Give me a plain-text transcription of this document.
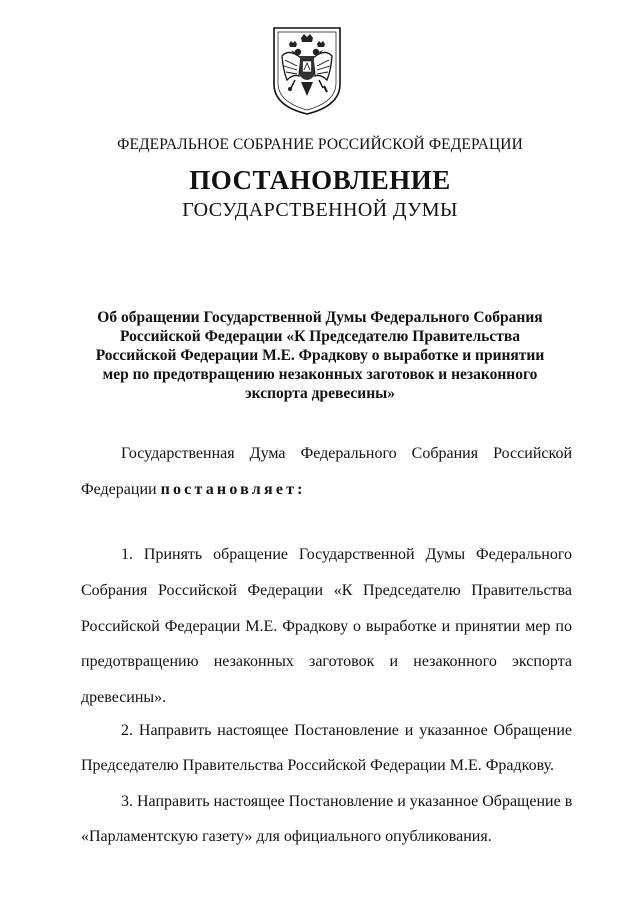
ФЕДЕРАЛЬНОЕ СОБРАНИЕ РОССИЙСКОЙ ФЕДЕРАЦИИ
ПОСТАНОВЛЕНИЕ
ГОСУДАРСТВЕННОЙ ДУМЫ
Об обращении Государственной Думы Федерального Собрания
Российской Федерации «К Председателю Правительства
Российской Федерации М.Е. Фрадкову о выработке и принятии
мер по предотвращению незаконных заготовок и незаконного
экспорта древесины»
Государственная Дума Федерального Собрания Российской
Федерации постановляет:
1. Принять обращение Государственной Думы Федерального
Собрания Российской Федерации «К Председателю Правительства
Российской Федерации М.Е. Фрадкову о выработке и принятии мер по
предотвращению незаконных заготовок и незаконного экспорта
древесины».
2. Направить настоящее Постановление и указанное Обращение
Председателю Правительства Российской Федерации М.Е. Фрадкову.
3. Направить настоящее Постановление и указанное Обращение в
«Парламентскую газету» для официального опубликования.
